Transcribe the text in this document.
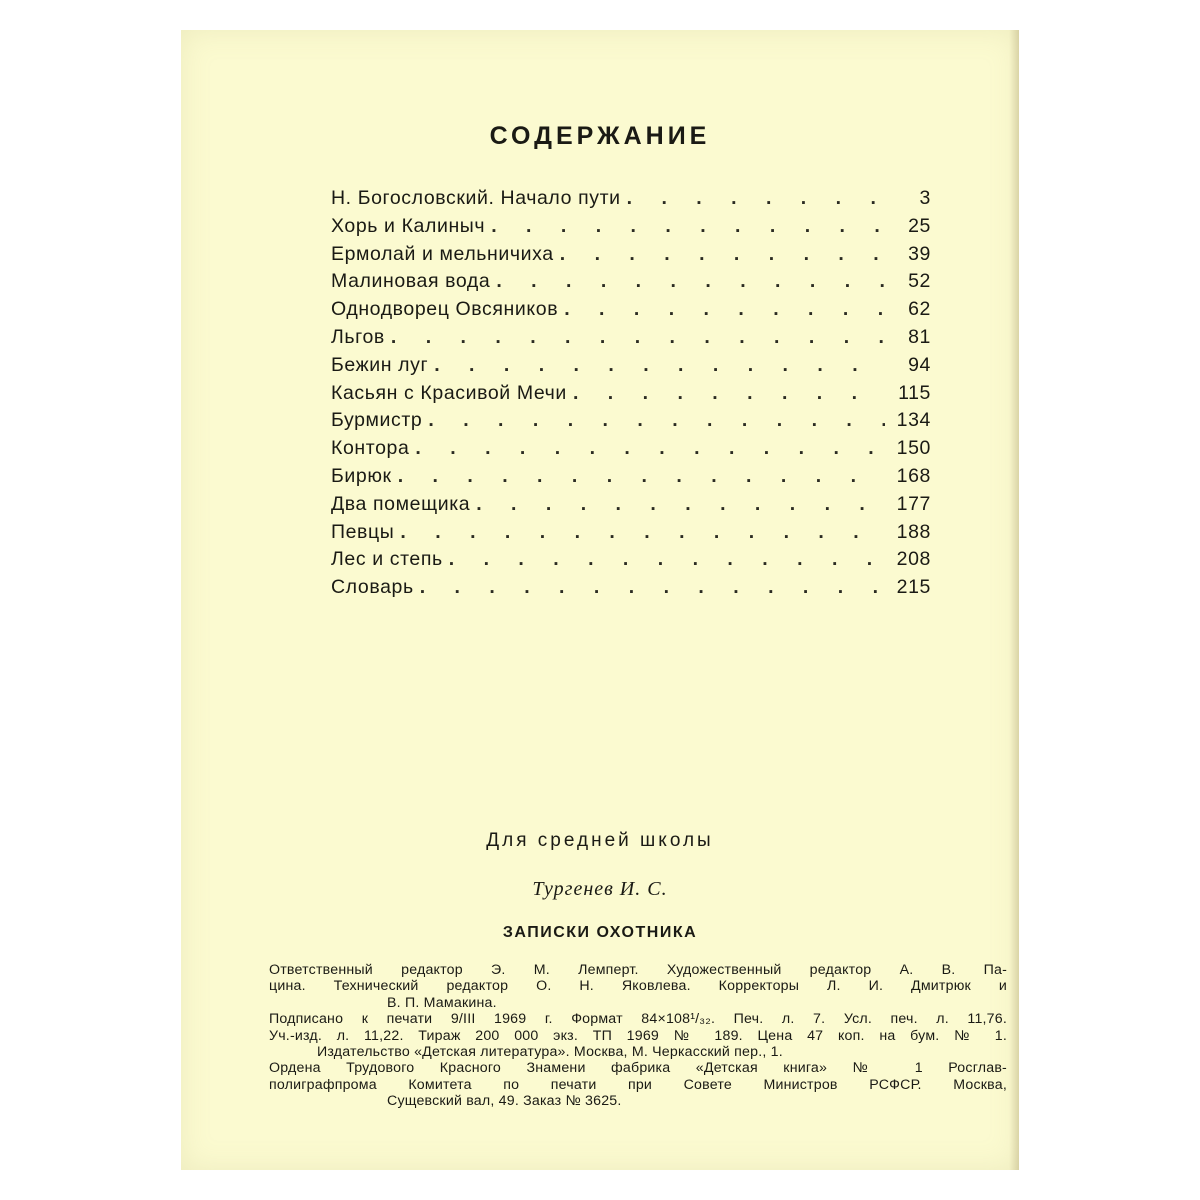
СОДЕРЖАНИЕ
Н. Богословский. Начало пути . . .	3
Хорь и Калиныч . . .	25
Ермолай и мельничиха . . .	39
Малиновая вода . . .	52
Однодворец Овсяников . . .	62
Льгов . . .	81
Бежин луг . . .	94
Касьян с Красивой Мечи . . .	115
Бурмистр . . .	134
Контора . . .	150
Бирюк . . .	168
Два помещика . . .	177
Певцы . . .	188
Лес и степь . . .	208
Словарь . . .	215
Для средней школы
Тургенев И. С.
ЗАПИСКИ ОХОТНИКА
Ответственный редактор Э. М. Лемперт. Художественный редактор А. В. Па-
цина. Технический редактор О. Н. Яковлева. Корректоры Л. И. Дмитрюк и
В. П. Мамакина.
Подписано к печати 9/III 1969 г. Формат 84×108¹/₃₂. Печ. л. 7. Усл. печ. л. 11,76.
Уч.-изд. л. 11,22. Тираж 200 000 экз. ТП 1969 № 189. Цена 47 коп. на бум. № 1.
Издательство «Детская литература». Москва, М. Черкасский пер., 1.
Ордена Трудового Красного Знамени фабрика «Детская книга» № 1 Росглав-
полиграфпрома Комитета по печати при Совете Министров РСФСР. Москва,
Сущевский вал, 49. Заказ № 3625.
